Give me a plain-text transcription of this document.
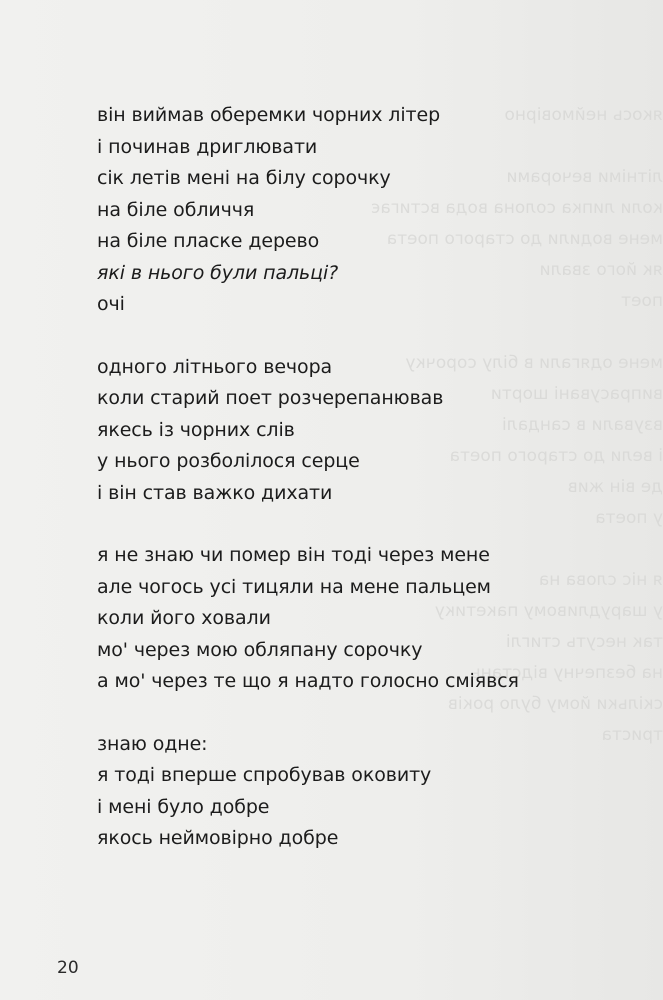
якось неймовірно

літніми вечорами
коли липка солона вода встигає
мене водили до старого поета
як його звали
поет

мене одягали в білу сорочку
випрасувані шорти
взували в сандалі
і вели до старого поета
де він жив
у поета

я ніс слова на
у шарудливому пакетику
так несуть стиглі
на безпечну відстань
скільки йому було років
триста
він виймав оберемки чорних літер
і починав дриглювати
сік летів мені на білу сорочку
на біле обличчя
на біле пласке дерево
які в нього були пальці?
очі
одного літнього вечора
коли старий поет розчерепанював
якесь із чорних слів
у нього розболілося серце
і він став важко дихати
я не знаю чи помер він тоді через мене
але чогось усі тицяли на мене пальцем
коли його ховали
мо' через мою обляпану сорочку
а мо' через те що я надто голосно сміявся
знаю одне:
я тоді вперше спробував оковиту
і мені було добре
якось неймовірно добре
20
